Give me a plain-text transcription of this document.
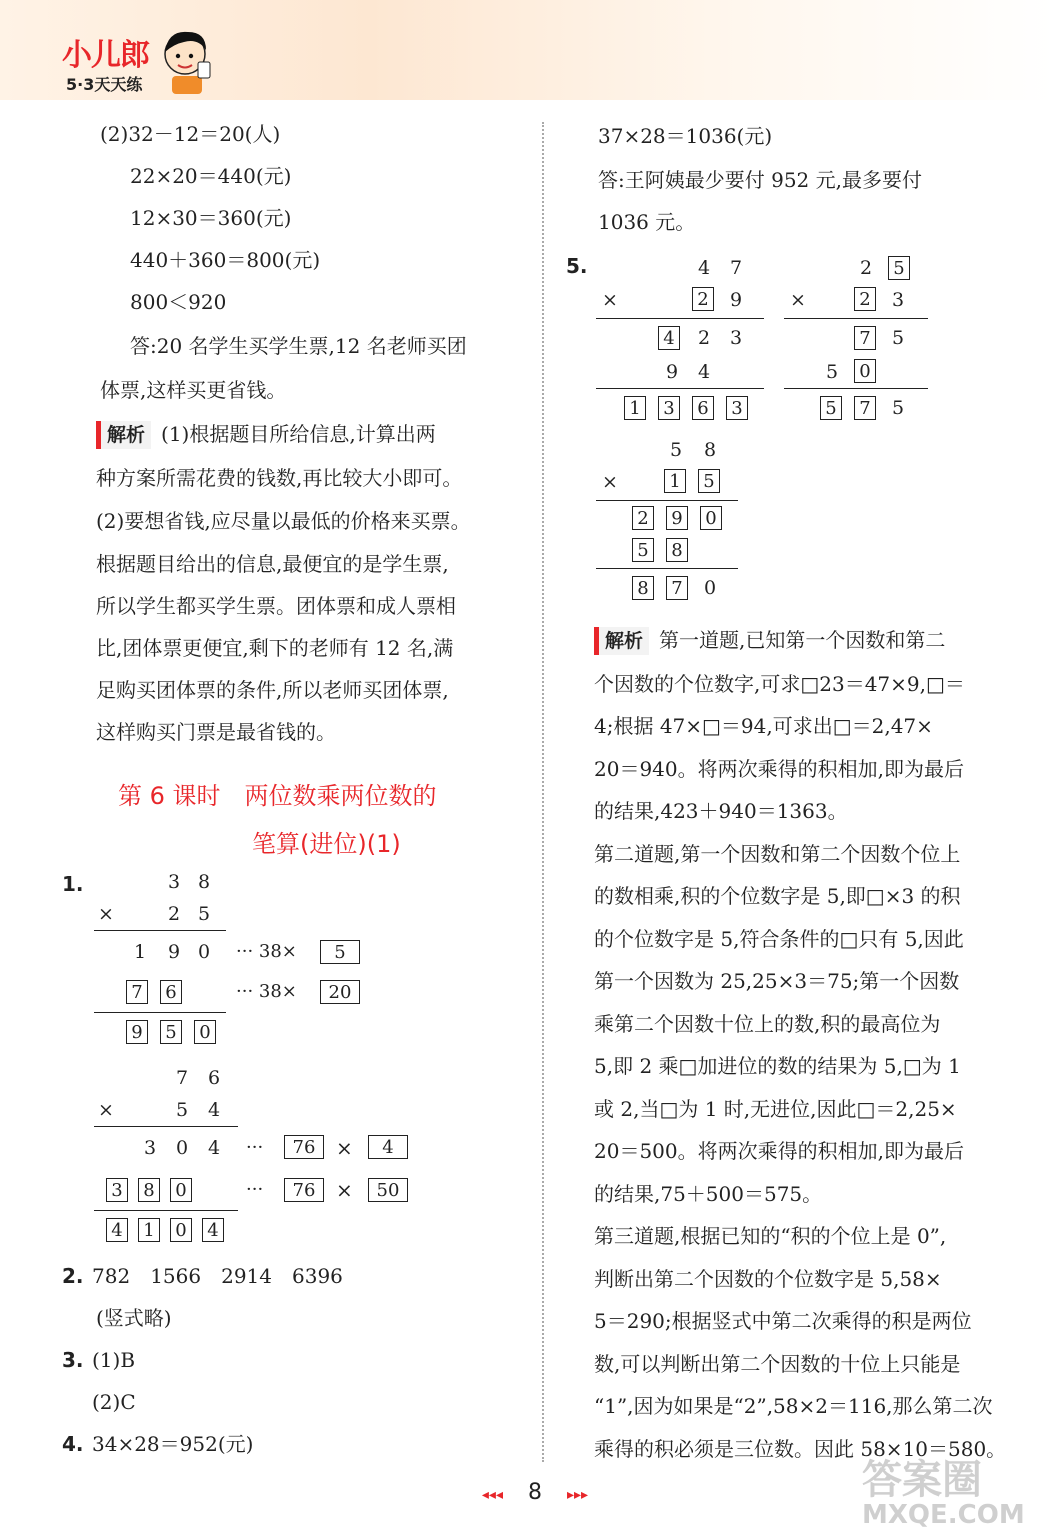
小儿郎
5·3天天练
(2)32－12＝20(人)
22×20＝440(元)
12×30＝360(元)
440＋360＝800(元)
800＜920
答:20 名学生买学生票,12 名老师买团
体票,这样买更省钱。
解析 (1)根据题目所给信息,计算出两
种方案所需花费的钱数,再比较大小即可。
(2)要想省钱,应尽量以最低的价格来买票。
根据题目给出的信息,最便宜的是学生票,
所以学生都买学生票。团体票和成人票相
比,团体票更便宜,剩下的老师有 12 名,满
足购买团体票的条件,所以老师买团体票,
这样购买门票是最省钱的。
第 6 课时　两位数乘两位数的
笔算(进位)(1)
1.	3 8
×	2 5
1 9 0 ··· 38×	5
7 6	··· 38×	20
9 5 0
7 6
×	5 4
3 0 4 ···	76	×	4
3 8 0	···	76	×	50
4 1 0 4
2. 782　 1566　 2914　 6396
(竖式略)
3. (1)B
(2)C
4. 34×28＝952(元)
37×28＝1036(元)
答:王阿姨最少要付 952 元,最多要付
1036 元。
5.	4 7
×	2 9
4 2 3
9 4
1 3 6 3
2 5
×	2 3
7 5
5 0
5 7 5
5 8
×	1 5
2 9 0
5 8
8 7 0
解析 第一道题,已知第一个因数和第二
个因数的个位数字,可求□23＝47×9,□＝
4;根据 47×□＝94,可求出□＝2,47×
20＝940。将两次乘得的积相加,即为最后
的结果,423＋940＝1363。
第二道题,第一个因数和第二个因数个位上
的数相乘,积的个位数字是 5,即□×3 的积
的个位数字是 5,符合条件的□只有 5,因此
第一个因数为 25,25×3＝75;第一个因数
乘第二个因数十位上的数,积的最高位为
5,即 2 乘□加进位的数的结果为 5,□为 1
或 2,当□为 1 时,无进位,因此□＝2,25×
20＝500。将两次乘得的积相加,即为最后
的结果,75＋500＝575。
第三道题,根据已知的“积的个位上是 0”,
判断出第二个因数的个位数字是 5,58×
5＝290;根据竖式中第二次乘得的积是两位
数,可以判断出第二个因数的十位上只能是
“1”,因为如果是“2”,58×2＝116,那么第二次
乘得的积必须是三位数。因此 58×10＝580。
◂◂◂ 8 ▸▸▸	答案圈
MXQE.COM
